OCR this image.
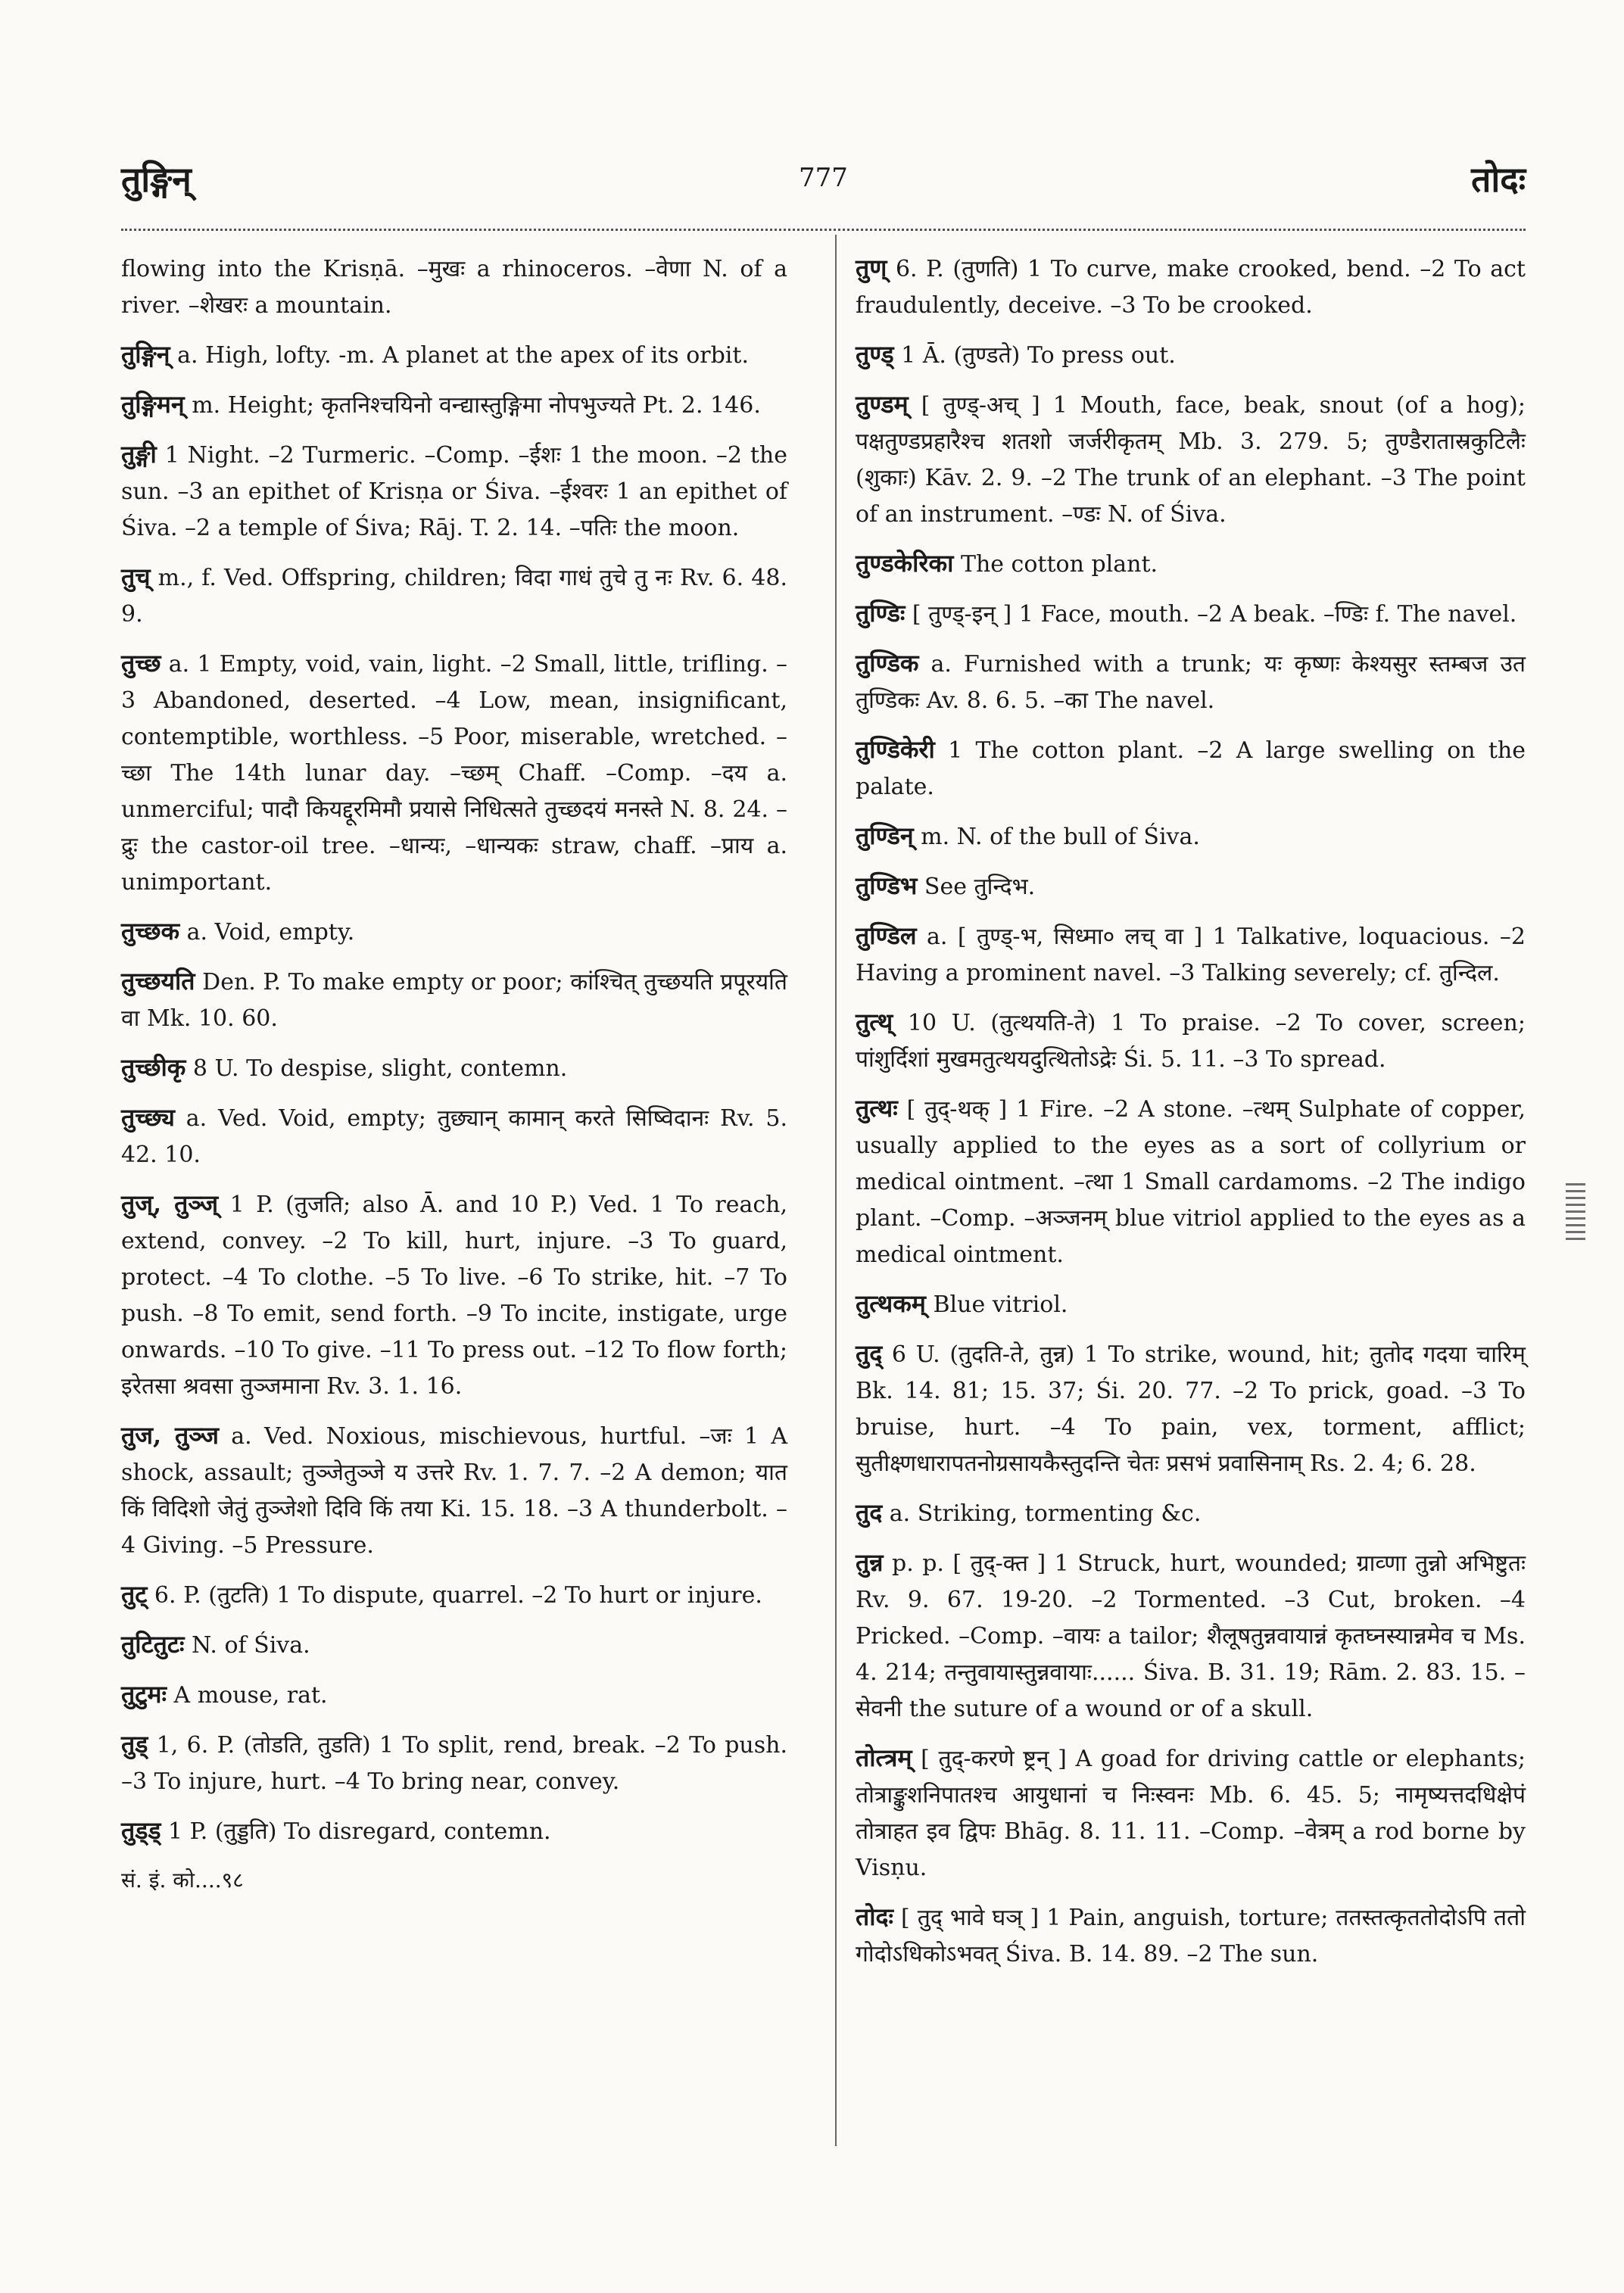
तुङ्गिन्	777	तोदः
flowing into the Krisṇā. –मुखः a rhinoceros. –वेणा N. of a river. –शेखरः a mountain.
तुङ्गिन् a. High, lofty. -m. A planet at the apex of its orbit.
तुङ्गिमन् m. Height; कृतनिश्चयिनो वन्द्यास्तुङ्गिमा नोपभुज्यते Pt. 2. 146.
तुङ्गी 1 Night. –2 Turmeric. –Comp. –ईशः 1 the moon. –2 the sun. –3 an epithet of Krisṇa or Śiva. –ईश्वरः 1 an epithet of Śiva. –2 a temple of Śiva; Rāj. T. 2. 14. –पतिः the moon.
तुच् m., f. Ved. Offspring, children; विदा गाधं तुचे तु नः Rv. 6. 48. 9.
तुच्छ a. 1 Empty, void, vain, light. –2 Small, little, trifling. –3 Abandoned, deserted. –4 Low, mean, insignificant, contemptible, worthless. –5 Poor, miserable, wretched. –च्छा The 14th lunar day. –च्छम् Chaff. –Comp. –दय a. unmerciful; पादौ कियद्दूरमिमौ प्रयासे निधित्सते तुच्छदयं मनस्ते N. 8. 24. –द्रुः the castor-oil tree. –धान्यः, –धान्यकः straw, chaff. –प्राय a. unimportant.
तुच्छक a. Void, empty.
तुच्छयति Den. P. To make empty or poor; कांश्चित् तुच्छयति प्रपूरयति वा Mk. 10. 60.
तुच्छीकृ 8 U. To despise, slight, contemn.
तुच्छ्य a. Ved. Void, empty; तुछ्यान् कामान् करते सिष्विदानः Rv. 5. 42. 10.
तुज्, तुञ्ज् 1 P. (तुजति; also Ā. and 10 P.) Ved. 1 To reach, extend, convey. –2 To kill, hurt, injure. –3 To guard, protect. –4 To clothe. –5 To live. –6 To strike, hit. –7 To push. –8 To emit, send forth. –9 To incite, instigate, urge onwards. –10 To give. –11 To press out. –12 To flow forth; इरेतसा श्रवसा तुञ्जमाना Rv. 3. 1. 16.
तुज, तुञ्ज a. Ved. Noxious, mischievous, hurtful. –जः 1 A shock, assault; तुञ्जेतुञ्जे य उत्तरे Rv. 1. 7. 7. –2 A demon; यात किं विदिशो जेतुं तुञ्जेशो दिवि किं तया Ki. 15. 18. –3 A thunderbolt. –4 Giving. –5 Pressure.
तुट् 6. P. (तुटति) 1 To dispute, quarrel. –2 To hurt or injure.
तुटितुटः N. of Śiva.
तुटुमः A mouse, rat.
तुड् 1, 6. P. (तोडति, तुडति) 1 To split, rend, break. –2 To push. –3 To injure, hurt. –4 To bring near, convey.
तुड्ड् 1 P. (तुड्डति) To disregard, contemn.
सं. इं. को....९८
तुण् 6. P. (तुणति) 1 To curve, make crooked, bend. –2 To act fraudulently, deceive. –3 To be crooked.
तुण्ड् 1 Ā. (तुण्डते) To press out.
तुण्डम् [ तुण्ड्-अच् ] 1 Mouth, face, beak, snout (of a hog); पक्षतुण्डप्रहारैश्च शतशो जर्जरीकृतम् Mb. 3. 279. 5; तुण्डैरातास्रकुटिलैः (शुकाः) Kāv. 2. 9. –2 The trunk of an elephant. –3 The point of an instrument. –ण्डः N. of Śiva.
तुण्डकेरिका The cotton plant.
तुण्डिः [ तुण्ड्-इन् ] 1 Face, mouth. –2 A beak. –ण्डिः f. The navel.
तुण्डिक a. Furnished with a trunk; यः कृष्णः केश्यसुर स्तम्बज उत तुण्डिकः Av. 8. 6. 5. –का The navel.
तुण्डिकेरी 1 The cotton plant. –2 A large swelling on the palate.
तुण्डिन् m. N. of the bull of Śiva.
तुण्डिभ See तुन्दिभ.
तुण्डिल a. [ तुण्ड्-भ, सिध्मा० लच् वा ] 1 Talkative, loquacious. –2 Having a prominent navel. –3 Talking severely; cf. तुन्दिल.
तुत्थ् 10 U. (तुत्थयति-ते) 1 To praise. –2 To cover, screen; पांशुर्दिशां मुखमतुत्थयदुत्थितोऽद्रेः Śi. 5. 11. –3 To spread.
तुत्थः [ तुद्-थक् ] 1 Fire. –2 A stone. –त्थम् Sulphate of copper, usually applied to the eyes as a sort of collyrium or medical ointment. –त्था 1 Small cardamoms. –2 The indigo plant. –Comp. –अञ्जनम् blue vitriol applied to the eyes as a medical ointment.
तुत्थकम् Blue vitriol.
तुद् 6 U. (तुदति-ते, तुन्न) 1 To strike, wound, hit; तुतोद गदया चारिम् Bk. 14. 81; 15. 37; Śi. 20. 77. –2 To prick, goad. –3 To bruise, hurt. –4 To pain, vex, torment, afflict; सुतीक्ष्णधारापतनोग्रसायकैस्तुदन्ति चेतः प्रसभं प्रवासिनाम् Rs. 2. 4; 6. 28.
तुद a. Striking, tormenting &c.
तुन्न p. p. [ तुद्-क्त ] 1 Struck, hurt, wounded; ग्राव्णा तुन्नो अभिष्टुतः Rv. 9. 67. 19-20. –2 Tormented. –3 Cut, broken. –4 Pricked. –Comp. –वायः a tailor; शैलूषतुन्नवायान्नं कृतघ्नस्यान्नमेव च Ms. 4. 214; तन्तुवायास्तुन्नवायाः...... Śiva. B. 31. 19; Rām. 2. 83. 15. –सेवनी the suture of a wound or of a skull.
तोत्त्रम् [ तुद्-करणे ष्ट्रन् ] A goad for driving cattle or elephants; तोत्राङ्कुशनिपातश्च आयुधानां च निःस्वनः Mb. 6. 45. 5; नामृष्यत्तदधिक्षेपं तोत्राहत इव द्विपः Bhāg. 8. 11. 11. –Comp. –वेत्रम् a rod borne by Visṇu.
तोदः [ तुद् भावे घञ् ] 1 Pain, anguish, torture; ततस्तत्कृततोदोऽपि ततो गोदोऽधिकोऽभवत् Śiva. B. 14. 89. –2 The sun.
